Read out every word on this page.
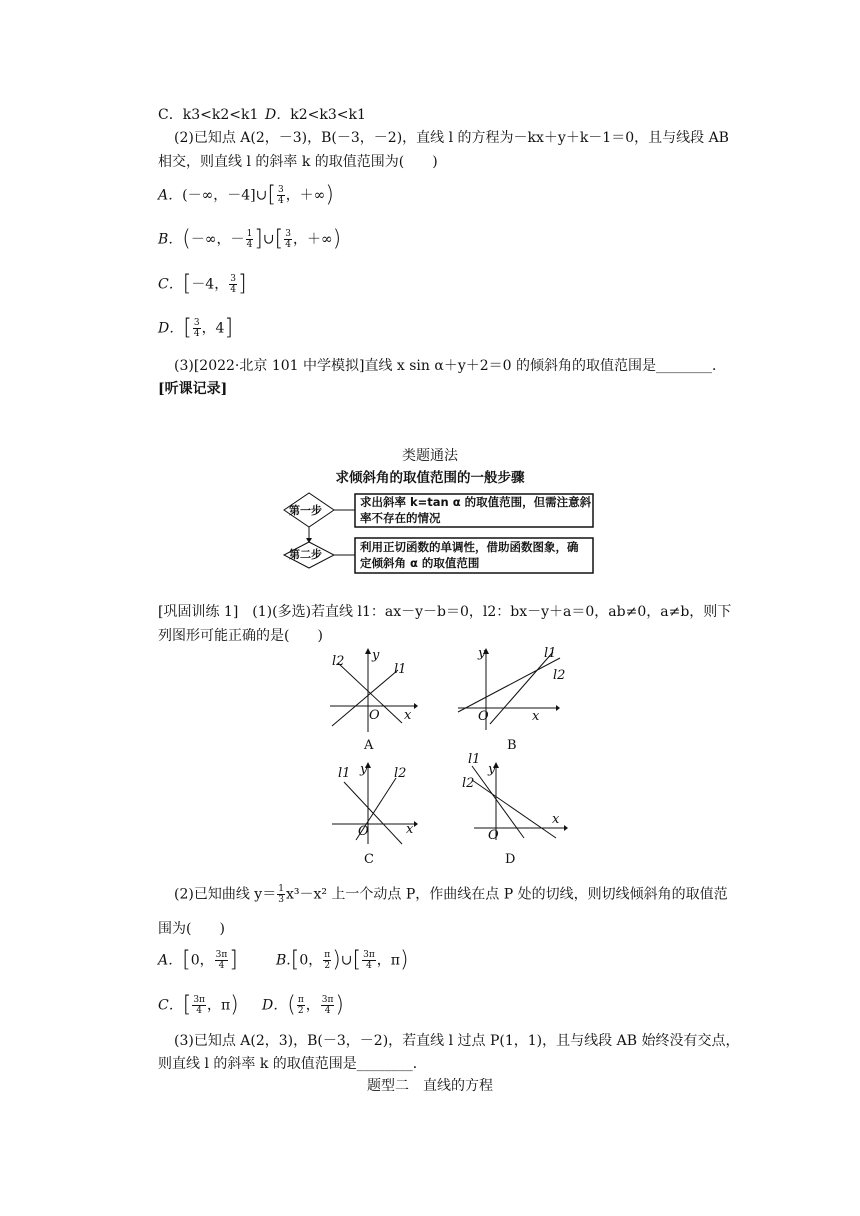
C．k3<k2<k1 D．k2<k3<k1
(2)已知点 A(2，－3)，B(－3，－2)，直线 l 的方程为－kx＋y＋k－1＝0，且与线段 AB
相交，则直线 l 的斜率 k 的取值范围为(　　)
A．(－∞，－4]∪[ $\frac{3}{4}$ ，＋∞)
B．(－∞，－ $\frac{1}{4}$ ]∪[ $\frac{3}{4}$ ，＋∞)
C．[－4， $\frac{3}{4}$ ]
D．[ $\frac{3}{4}$ ，4]
(3)[2022·北京 101 中学模拟]直线 x sin α＋y＋2＝0 的倾斜角的取值范围是________．
[听课记录]
类题通法
求倾斜角的取值范围的一般步骤
第一步
第二步
求出斜率 k=tan α 的取值范围，但需注意斜
率不存在的情况
利用正切函数的单调性，借助函数图象，确
定倾斜角 α 的取值范围
[巩固训练 1]　(1)(多选)若直线 l1：ax－y－b＝0，l2：bx－y＋a＝0，ab≠0，a≠b，则下
列图形可能正确的是(　　)
l2
l1
y
x
O
A
y	l1
l2
x
O
B
l1 y l2
x
O
C
l1
y
l2
x
O
D
(2)已知曲线 $y= \frac{1}{3} x^3-x^2$ 上一个动点 P，作曲线在点 P 处的切线，则切线倾斜角的取值范
围为(　　)
A．[0， $\frac{3\pi}{4}$ ]	B.[0， $\frac{\pi}{2}$ )∪[ $\frac{3\pi}{4}$ ，π)
C．[ $\frac{3\pi}{4}$ ，π) D．( $\frac{\pi}{2}$ ， $\frac{3\pi}{4}$ )
(3)已知点 A(2，3)，B(－3，－2)，若直线 l 过点 P(1，1)，且与线段 AB 始终没有交点，
则直线 l 的斜率 k 的取值范围是________．
题型二　直线的方程
